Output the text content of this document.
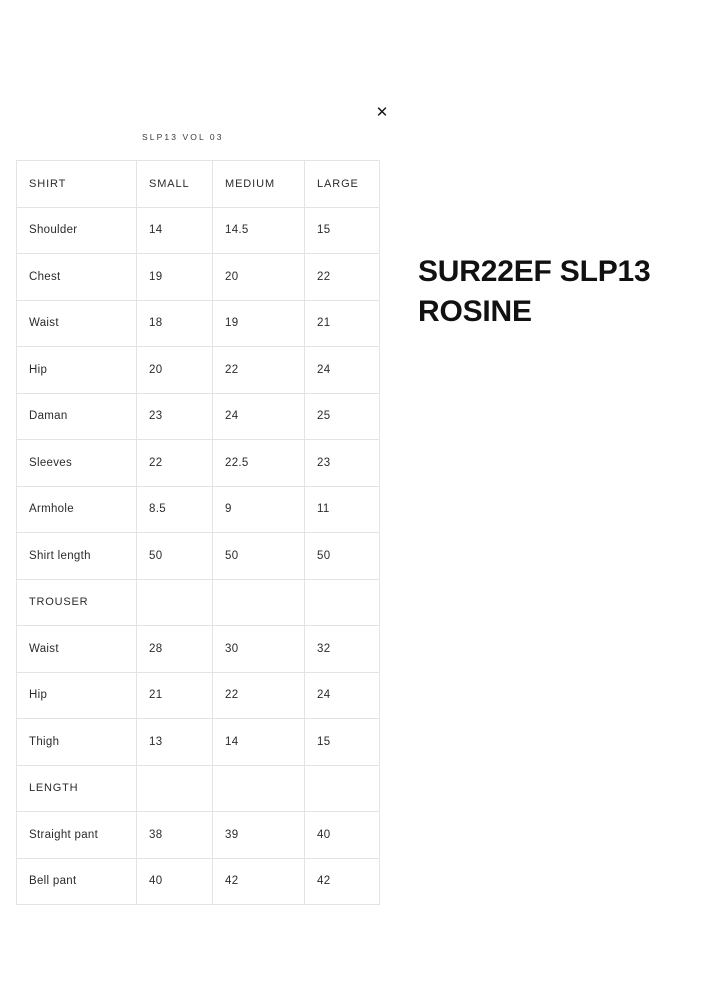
✕
SLP13 VOL 03
SHIRT	SMALL	MEDIUM	LARGE
Shoulder	14	14.5	15
Chest	19	20	22
Waist	18	19	21
Hip	20	22	24
Daman	23	24	25
Sleeves	22	22.5	23
Armhole	8.5	9	11
Shirt length	50	50	50
TROUSER			
Waist	28	30	32
Hip	21	22	24
Thigh	13	14	15
LENGTH			
Straight pant	38	39	40
Bell pant	40	42	42
SUR22EF SLP13 ROSINE
